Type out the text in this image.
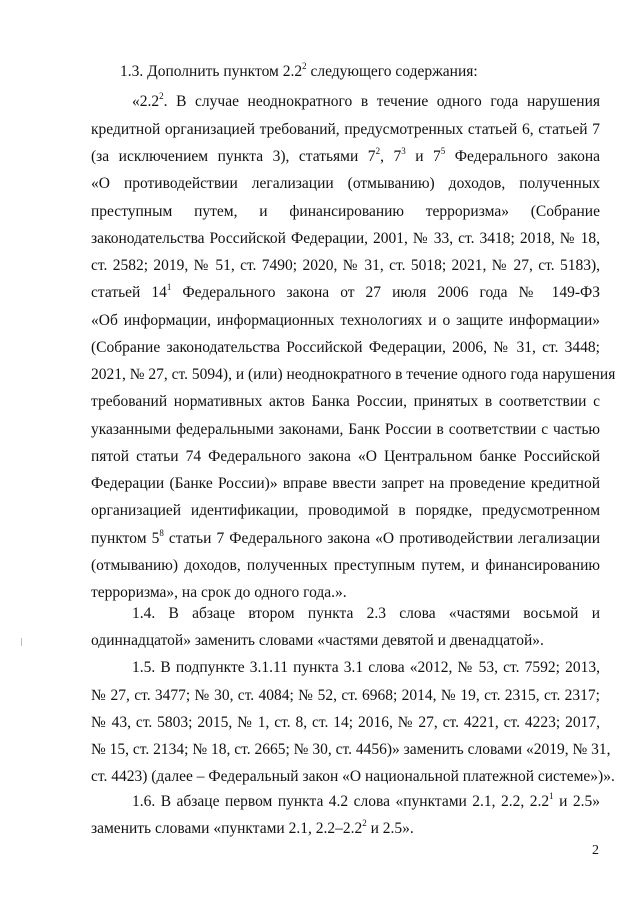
1.3. Дополнить пунктом $2.2^2$ следующего содержания:
«$2.2^2$. В случае неоднократного в течение одного года нарушения
кредитной организацией требований, предусмотренных статьей 6, статьей 7
(за исключением пункта 3), статьями $7^2$, $7^3$ и $7^5$ Федерального закона
«О противодействии легализации (отмыванию) доходов, полученных
преступным путем, и финансированию терроризма» (Собрание
законодательства Российской Федерации, 2001, № 33, ст. 3418; 2018, № 18,
ст. 2582; 2019, № 51, ст. 7490; 2020, № 31, ст. 5018; 2021, № 27, ст. 5183),
статьей $14^1$ Федерального закона от 27 июля 2006 года № 149-ФЗ
«Об информации, информационных технологиях и о защите информации»
(Собрание законодательства Российской Федерации, 2006, № 31, ст. 3448;
2021, № 27, ст. 5094), и (или) неоднократного в течение одного года нарушения
требований нормативных актов Банка России, принятых в соответствии с
указанными федеральными законами, Банк России в соответствии с частью
пятой статьи 74 Федерального закона «О Центральном банке Российской
Федерации (Банке России)» вправе ввести запрет на проведение кредитной
организацией идентификации, проводимой в порядке, предусмотренном
пунктом $5^8$ статьи 7 Федерального закона «О противодействии легализации
(отмыванию) доходов, полученных преступным путем, и финансированию
терроризма», на срок до одного года.».
1.4. В абзаце втором пункта 2.3 слова «частями восьмой и
одиннадцатой» заменить словами «частями девятой и двенадцатой».
1.5. В подпункте 3.1.11 пункта 3.1 слова «2012, № 53, ст. 7592; 2013,
№ 27, ст. 3477; № 30, ст. 4084; № 52, ст. 6968; 2014, № 19, ст. 2315, ст. 2317;
№ 43, ст. 5803; 2015, № 1, ст. 8, ст. 14; 2016, № 27, ст. 4221, ст. 4223; 2017,
№ 15, ст. 2134; № 18, ст. 2665; № 30, ст. 4456)» заменить словами «2019, № 31,
ст. 4423) (далее – Федеральный закон «О национальной платежной системе»)».
1.6. В абзаце первом пункта 4.2 слова «пунктами 2.1, 2.2, $2.2^1$ и 2.5»
заменить словами «пунктами 2.1, $2.2-2.2^2$ и 2.5».
2
